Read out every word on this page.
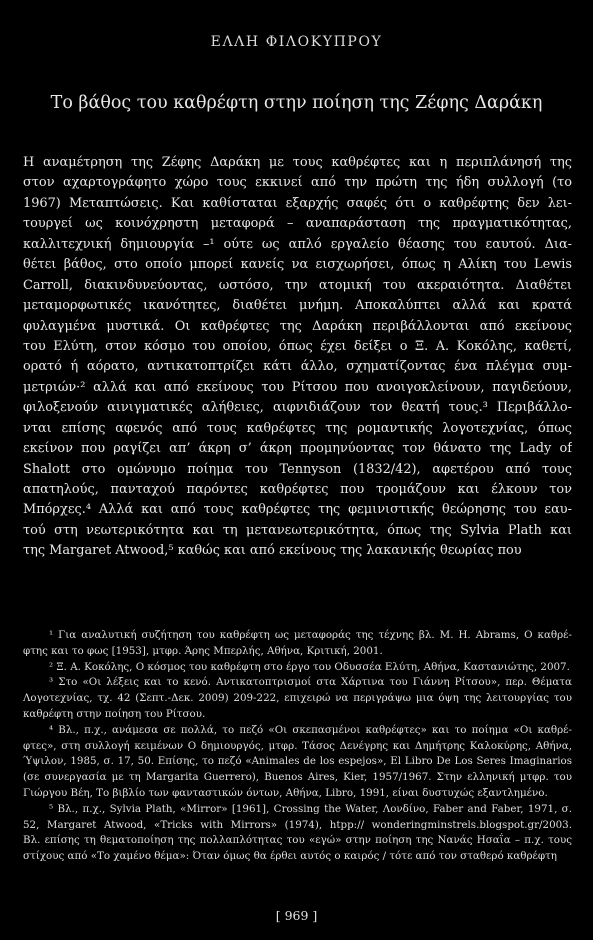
ΕΛΛΗ ΦΙΛΟΚΥΠΡΟΥ
Το βάθος του καθρέφτη στην ποίηση της Ζέφης Δαράκη
Η αναμέτρηση της Ζέφης Δαράκη με τους καθρέφτες και η περιπλάνησή της
στον αχαρτογράφητο χώρο τους εκκινεί από την πρώτη της ήδη συλλογή (το
1967) Μεταπτώσεις. Και καθίσταται εξαρχής σαφές ότι ο καθρέφτης δεν λει-
τουργεί ως κοινόχρηστη μεταφορά – αναπαράσταση της πραγματικότητας,
καλλιτεχνική δημιουργία –¹ ούτε ως απλό εργαλείο θέασης του εαυτού. Δια-
θέτει βάθος, στο οποίο μπορεί κανείς να εισχωρήσει, όπως η Αλίκη του Lewis
Carroll, διακινδυνεύοντας, ωστόσο, την ατομική του ακεραιότητα. Διαθέτει
μεταμορφωτικές ικανότητες, διαθέτει μνήμη. Αποκαλύπτει αλλά και κρατά
φυλαγμένα μυστικά. Οι καθρέφτες της Δαράκη περιβάλλονται από εκείνους
του Ελύτη, στον κόσμο του οποίου, όπως έχει δείξει ο Ξ. Α. Κοκόλης, καθετί,
ορατό ή αόρατο, αντικατοπτρίζει κάτι άλλο, σχηματίζοντας ένα πλέγμα συμ-
μετριών·² αλλά και από εκείνους του Ρίτσου που ανοιγοκλείνουν, παγιδεύουν,
φιλοξενούν αινιγματικές αλήθειες, αιφνιδιάζουν τον θεατή τους.³ Περιβάλλο-
νται επίσης αφενός από τους καθρέφτες της ρομαντικής λογοτεχνίας, όπως
εκείνον που ραγίζει απ’ άκρη σ’ άκρη προμηνύοντας τον θάνατο της Lady of
Shalott στο ομώνυμο ποίημα του Tennyson (1832/42), αφετέρου από τους
απατηλούς, πανταχού παρόντες καθρέφτες που τρομάζουν και έλκουν τον
Μπόρχες.⁴ Αλλά και από τους καθρέφτες της φεμινιστικής θεώρησης του εαυ-
τού στη νεωτερικότητα και τη μετανεωτερικότητα, όπως της Sylvia Plath και
της Margaret Atwood,⁵ καθώς και από εκείνους της λακανικής θεωρίας που
¹ Για αναλυτική συζήτηση του καθρέφτη ως μεταφοράς της τέχνης βλ. M. H. Abrams, Ο καθρέ-
φτης και το φως [1953], μτφρ. Άρης Μπερλής, Αθήνα, Κριτική, 2001.
² Ξ. Α. Κοκόλης, Ο κόσμος του καθρέφτη στο έργο του Οδυσσέα Ελύτη, Αθήνα, Καστανιώτης, 2007.
³ Στο «Οι λέξεις και το κενό. Αντικατοπτρισμοί στα Χάρτινα του Γιάννη Ρίτσου», περ. Θέματα
Λογοτεχνίας, τχ. 42 (Σεπτ.-Δεκ. 2009) 209-222, επιχειρώ να περιγράψω μια όψη της λειτουργίας του
καθρέφτη στην ποίηση του Ρίτσου.
⁴ Βλ., π.χ., ανάμεσα σε πολλά, το πεζό «Οι σκεπασμένοι καθρέφτες» και το ποίημα «Οι καθρέ-
φτες», στη συλλογή κειμένων Ο δημιουργός, μτφρ. Τάσος Δενέγρης και Δημήτρης Καλοκύρης, Αθήνα,
Ύψιλον, 1985, σ. 17, 50. Επίσης, το πεζό «Animales de los espejos», El Libro De Los Seres Imaginarios
(σε συνεργασία με τη Margarita Guerrero), Buenos Aires, Kier, 1957/1967. Στην ελληνική μτφρ. του
Γιώργου Βέη, Το βιβλίο των φανταστικών όντων, Αθήνα, Libro, 1991, είναι δυστυχώς εξαντλημένο.
⁵ Βλ., π.χ., Sylvia Plath, «Mirror» [1961], Crossing the Water, Λονδίνο, Faber and Faber, 1971, σ.
52, Margaret Atwood, «Tricks with Mirrors» (1974), htpp:// wonderingminstrels.blogspot.gr/2003.
Βλ. επίσης τη θεματοποίηση της πολλαπλότητας του «εγώ» στην ποίηση της Νανάς Ησαΐα – π.χ. τους
στίχους από «Το χαμένο θέμα»: Όταν όμως θα έρθει αυτός ο καιρός / τότε από τον σταθερό καθρέφτη
[ 969 ]
